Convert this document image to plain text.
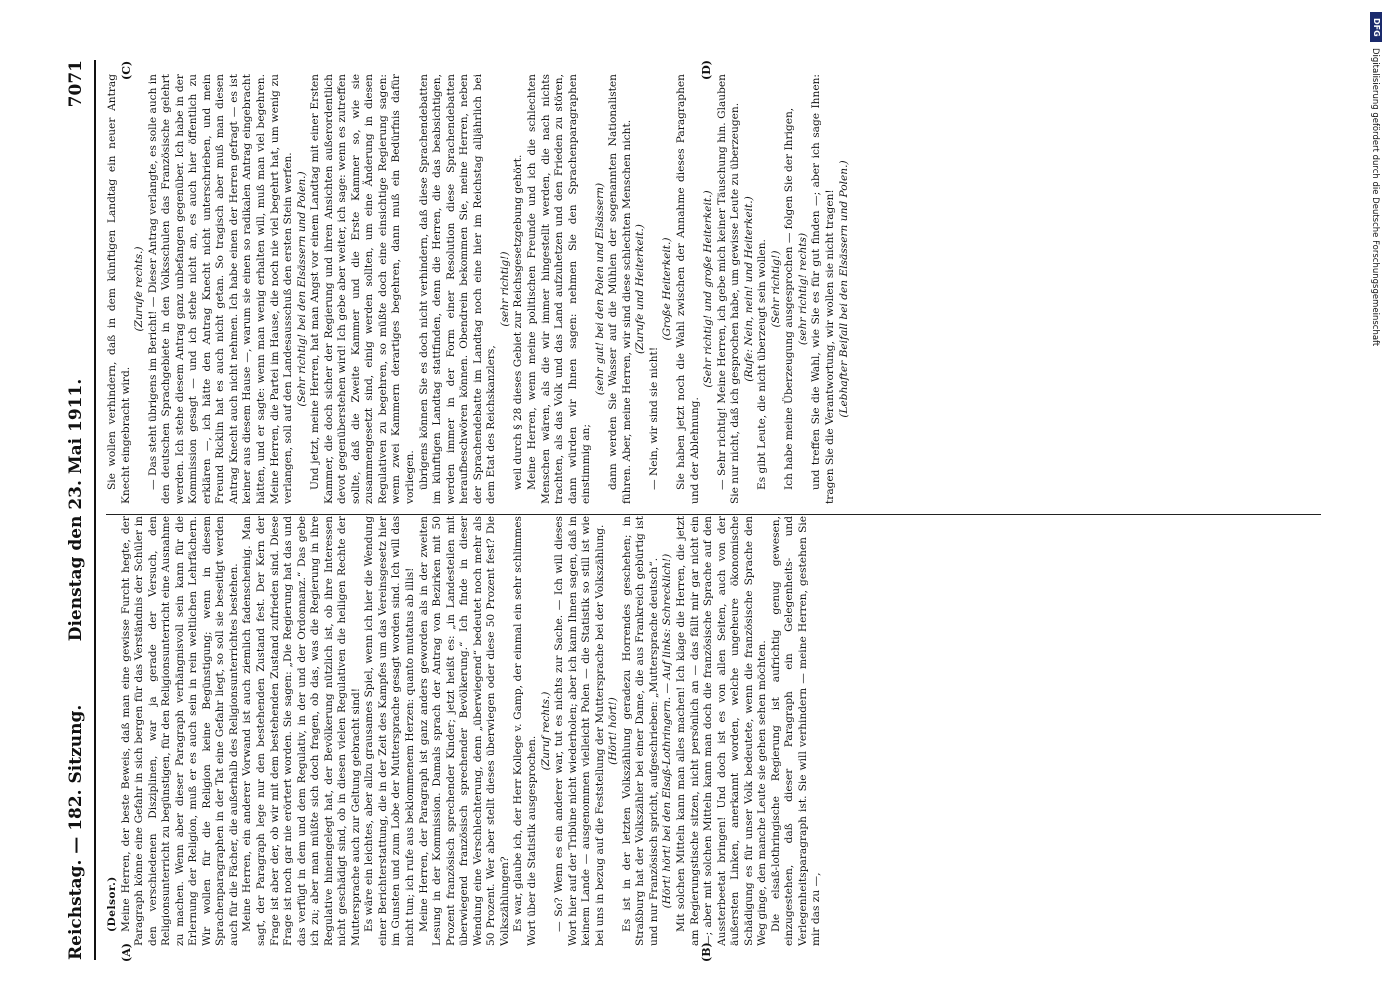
Reichstag. — 182. Sitzung.
Dienstag den 23. Mai 1911.
7071
(A)	(B)
(C)	(D)

(Delsor.) Meine Herren, der beste Beweis, daß man eine gewisse Furcht hegte, der Paragraph könne eine Gefahr in sich bergen für das Verständnis der Schüler in den verschiedenen Disziplinen, war ja gerade der Versuch, den Religionsunterricht zu begünstigen, für den Religionsunterricht eine Ausnahme zu machen. Wenn aber dieser Paragraph verhängnisvoll sein kann für die Erlernung der Religion, muß er es auch sein in rein weltlichen Lehrfächern. Wir wollen für die Religion keine Begünstigung; wenn in diesem Sprachenparagraphen in der Tat eine Gefahr liegt, so soll sie beseitigt werden auch für die Fächer, die außerhalb des Religionsunterrichtes bestehen. Meine Herren, ein anderer Vorwand ist auch ziemlich fadenscheinig. Man sagt, der Paragraph lege nur den bestehenden Zustand fest. Der Kern der Frage ist aber der, ob wir mit dem bestehenden Zustand zufrieden sind. Diese Frage ist noch gar nie erörtert worden. Sie sagen: „Die Regierung hat das und das verfügt in dem und dem Regulativ, in der und der Ordonnanz.“ Das gebe ich zu; aber man müßte sich doch fragen, ob das, was die Regierung in ihre Regulative hineingelegt hat, der Bevölkerung nützlich ist, ob ihre Interessen nicht geschädigt sind, ob in diesen vielen Regulativen die heiligen Rechte der Muttersprache auch zur Geltung gebracht sind! Es wäre ein leichtes, aber allzu grausames Spiel, wenn ich hier die Wendung einer Berichterstattung, die in der Zeit des Kampfes um das Vereinsgesetz hier im Gunsten und zum Lobe der Muttersprache gesagt worden sind. Ich will das nicht tun; ich rufe aus beklommenem Herzen: quanto mutatus ab illis! Meine Herren, der Paragraph ist ganz anders geworden als in der zweiten Lesung in der Kommission. Damals sprach der Antrag von Bezirken mit 50 Prozent französisch sprechender Kinder; jetzt heißt es: „in Landesteilen mit überwiegend französisch sprechender Bevölkerung.“ Ich finde in dieser Wendung eine Verschlechterung, denn „überwiegend“ bedeutet noch mehr als 50 Prozent. Wer aber stellt dieses überwiegen oder diese 50 Prozent fest? Die Volkszählungen? Es war, glaube ich, der Herr Kollege v. Gamp, der einmal ein sehr schlimmes Wort über die Statistik ausgesprochen.

(Zuruf rechts.) — So? Wenn es ein anderer war, tut es nichts zur Sache. — Ich will dieses Wort hier auf der Tribüne nicht wiederholen; aber ich kann Ihnen sagen, daß in keinem Lande — ausgenommen vielleicht Polen — die Statistik so still ist wie bei uns in bezug auf die Feststellung der Muttersprache bei der Volkszählung. (Hört! hört!) Es ist in der letzten Volkszählung geradezu Horrendes geschehen; in Straßburg hat der Volkszähler bei einer Dame, die aus Frankreich gebürtig ist und nur Französisch spricht, aufgeschrieben: „Muttersprache deutsch“. (Hört! hört! bei den Elsaß-Lothringern. — Auf links: Schrecklich!) Mit solchen Mitteln kann man alles machen! Ich klage die Herren, die jetzt am Regierungstische sitzen, nicht persönlich an — das fällt mir gar nicht ein —; aber mit solchen Mitteln kann man doch die französische Sprache auf den Aussterbeetat bringen! Und doch ist es von allen Seiten, auch von der äußersten Linken, anerkannt worden, welche ungeheure ökonomische Schädigung es für unser Volk bedeutete, wenn die französische Sprache den Weg ginge, den manche Leute sie gehen sehen möchten. Die elsaß-lothringische Regierung ist aufrichtig genug gewesen, einzugestehen, daß dieser Paragraph ein Gelegenheits- und Verlegenheitsparagraph ist. Sie will verhindern — meine Herren, gestehen Sie mir das zu —,

Sie wollen verhindern, daß in dem künftigen Landtag ein neuer Antrag Knecht eingebracht wird.

(Zurufe rechts.) — Das steht übrigens im Bericht! — Dieser Antrag verlangte, es solle auch in den deutschen Sprachgebiete in den Volksschulen das Französische gelehrt werden. Ich stehe diesem Antrag ganz unbefangen gegenüber. Ich habe in der Kommission gesagt — und ich stehe nicht an, es auch hier öffentlich zu erklären —, ich hätte den Antrag Knecht nicht unterschrieben, und mein Freund Ricklin hat es auch nicht getan. So tragisch aber muß man diesen Antrag Knecht auch nicht nehmen. Ich habe einen der Herren gefragt — es ist keiner aus diesem Hause —, warum sie einen so radikalen Antrag eingebracht hätten, und er sagte: wenn man wenig erhalten will, muß man viel begehren. Meine Herren, die Partei im Hause, die noch nie viel begehrt hat, um wenig zu verlangen, soll auf den Landesausschuß den ersten Stein werfen. (Sehr richtig! bei den Elsässern und Polen.) Und jetzt, meine Herren, hat man Angst vor einem Landtag mit einer Ersten Kammer, die doch sicher der Regierung und ihren Ansichten außerordentlich devot gegenüberstehen wird! Ich gebe aber weiter, ich sage: wenn es zutreffen sollte, daß die Zweite Kammer und die Erste Kammer so, wie sie zusammengesetzt sind, einig werden sollten, um eine Änderung in diesen Regulativen zu begehren, so müßte doch eine einsichtige Regierung sagen: wenn zwei Kammern derartiges begehren, dann muß ein Bedürfnis dafür vorliegen. übrigens können Sie es doch nicht verhindern, daß diese Sprachendebatten im künftigen Landtag stattfinden, denn die Herren, die das beabsichtigen, werden immer in der Form einer Resolution diese Sprachendebatten heraufbeschwören können. Obendrein bekommen Sie, meine Herren, neben der Sprachendebatte im Landtag noch eine hier im Reichstag alljährlich bei dem Etat des Reichskanzlers,

(sehr richtig!) weil durch § 28 dieses Gebiet zur Reichsgesetzgebung gehört. Meine Herren, wenn meine politischen Freunde und ich die schlechten Menschen wären, als die wir immer hingestellt werden, die nach nichts trachten, als das Volk und das Land aufzuhetzen und den Frieden zu stören, dann würden wir Ihnen sagen: nehmen Sie den Sprachenparagraphen einstimmig an;

(sehr gut! bei den Polen und Elsässern) dann werden Sie Wasser auf die Mühlen der sogenannten Nationalisten führen. Aber, meine Herren, wir sind diese schlechten Menschen nicht. (Zurufe und Heiterkeit.)

— Nein, wir sind sie nicht!

(Große Heiterkeit.) Sie haben jetzt noch die Wahl zwischen der Annahme dieses Paragraphen und der Ablehnung.

(Sehr richtig! und große Heiterkeit.) — Sehr richtig! Meine Herren, ich gebe mich keiner Täuschung hin. Glauben Sie nur nicht, daß ich gesprochen habe, um gewisse Leute zu überzeugen. (Rufe: Nein, nein! und Heiterkeit.) Es gibt Leute, die nicht überzeugt sein wollen. (Sehr richtig!) Ich habe meine Überzeugung ausgesprochen — folgen Sie der Ihrigen, (sehr richtig! rechts) und treffen Sie die Wahl, wie Sie es für gut finden —; aber ich sage Ihnen: tragen Sie die Verantwortung, wir wollen sie nicht tragen! (Lebhafter Beifall bei den Elsässern und Polen.)

DFG
Digitalisierung gefördert durch die Deutsche Forschungsgemeinschaft
